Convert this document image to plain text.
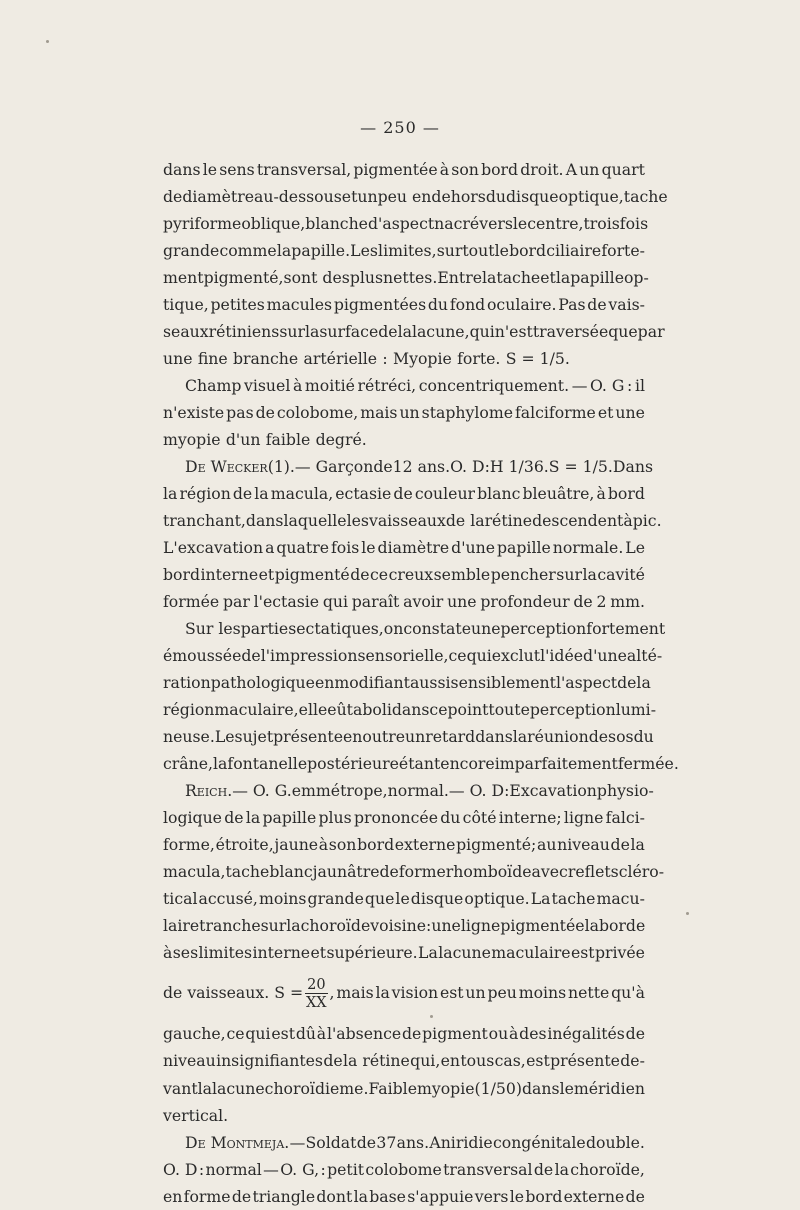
— 250 —
dans le sens transversal, pigmentée à son bord droit. A un quart
de diamètre au-dessous et un peu en dehors du disque optique, tache
pyriforme oblique, blanche d'aspect nacré vers le centre, trois fois
grande comme la papille. Les limites, surtout le bord ciliaire forte-
ment pigmenté, sont des plus nettes. Entre la tache et la papille op-
tique, petites macules pigmentées du fond oculaire. Pas de vais-
seaux rétiniens sur la surface de la lacune, qui n'est traversée que par
une fine branche artérielle : Myopie forte. S = 1/5.
Champ visuel à moitié rétréci, concentriquement. — O. G : il
n'existe pas de colobome, mais un staphylome falciforme et une
myopie d'un faible degré.
De Wecker (1). — Garçon de 12 ans. O. D : H 1/36. S = 1/5. Dans
la région de la macula, ectasie de couleur blanc bleuâtre, à bord
tranchant, dans laquelle les vaisseaux de la rétine descendent à pic.
L'excavation a quatre fois le diamètre d'une papille normale. Le
bord interne et pigmenté de ce creux semble pencher sur la cavité
formée par l'ectasie qui paraît avoir une profondeur de 2 mm.
Sur les parties ectatiques, on constate une perception fortement
émoussée de l'impression sensorielle, ce qui exclut l'idée d'une alté-
ration pathologique en modifiant aussi sensiblement l'aspect de la
région maculaire, elle eût aboli dans ce point toute perception lumi-
neuse. Le sujet présente en outre un retard dans la réunion des os du
crâne, la fontanelle postérieure étant encore imparfaitement fermée.
Reich. — O. G. emmétrope, normal. — O. D : Excavation physio-
logique de la papille plus prononcée du côté interne; ligne falci-
forme, étroite, jaune à son bord externe pigmenté; au niveau de la
macula, tache blanc jaunâtre de forme rhomboïde avec reflet scléro-
tical accusé, moins grande que le disque optique. La tache macu-
laire tranche sur la choroïde voisine : une ligne pigmentée la borde
à ses limites interne et supérieure. La lacune maculaire est privée
de vaisseaux. $S = \frac{20}{XX}$ , mais la vision est un peu moins nette qu'à
gauche, ce qui est dû à l'absence de pigment ou à des inégalités de
niveau insignifiantes de la rétine qui, en tous cas, est présente de-
vant la lacune choroïdieme. Faible myopie (1/50) dans le méridien
vertical.
De Montmeja. — Soldat de 37 ans. Aniridie congénitale double.
O. D : normal — O. G, : petit colobome transversal de la choroïde,
en forme de triangle dont la base s'appuie vers le bord externe de
